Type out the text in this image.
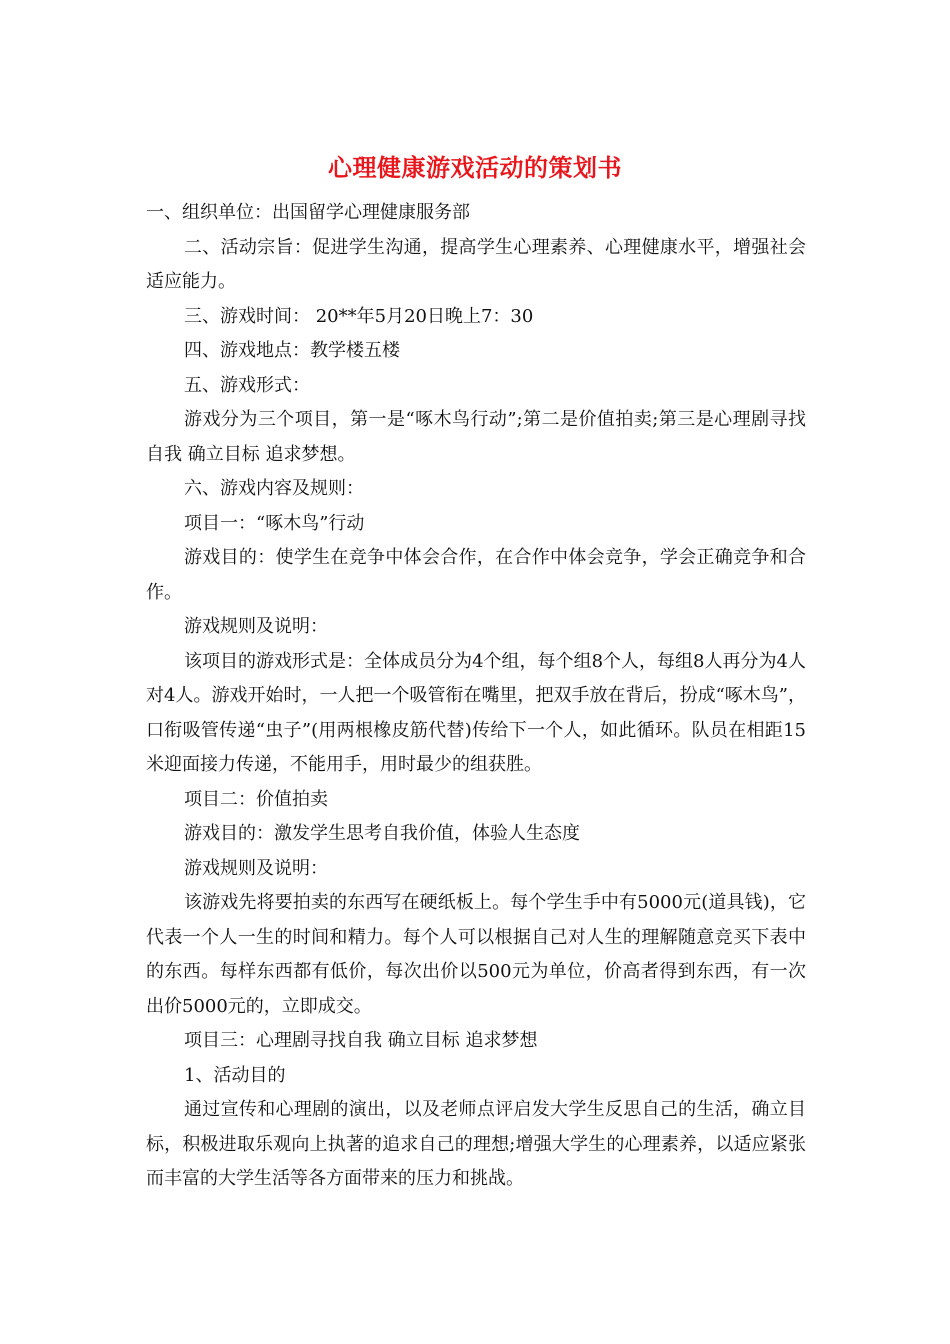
心理健康游戏活动的策划书

一、组织单位：出国留学心理健康服务部

二、活动宗旨：促进学生沟通，提高学生心理素养、心理健康水平，增强社会适应能力。

三、游戏时间： 20**年5月20日晚上7：30

四、游戏地点：教学楼五楼

五、游戏形式：

游戏分为三个项目，第一是“啄木鸟行动”;第二是价值拍卖;第三是心理剧寻找自我 确立目标 追求梦想。

六、游戏内容及规则：

项目一：“啄木鸟”行动

游戏目的：使学生在竞争中体会合作，在合作中体会竞争，学会正确竞争和合作。

游戏规则及说明：

该项目的游戏形式是：全体成员分为4个组，每个组8个人，每组8人再分为4人对4人。游戏开始时，一人把一个吸管衔在嘴里，把双手放在背后，扮成“啄木鸟”，口衔吸管传递“虫子”(用两根橡皮筋代替)传给下一个人，如此循环。队员在相距15米迎面接力传递，不能用手，用时最少的组获胜。

项目二：价值拍卖

游戏目的：激发学生思考自我价值，体验人生态度

游戏规则及说明：

该游戏先将要拍卖的东西写在硬纸板上。每个学生手中有5000元(道具钱)，它代表一个人一生的时间和精力。每个人可以根据自己对人生的理解随意竞买下表中的东西。每样东西都有低价，每次出价以500元为单位，价高者得到东西，有一次出价5000元的，立即成交。

项目三：心理剧寻找自我 确立目标 追求梦想

1、活动目的

通过宣传和心理剧的演出，以及老师点评启发大学生反思自己的生活，确立目标，积极进取乐观向上执著的追求自己的理想;增强大学生的心理素养，以适应紧张而丰富的大学生活等各方面带来的压力和挑战。
